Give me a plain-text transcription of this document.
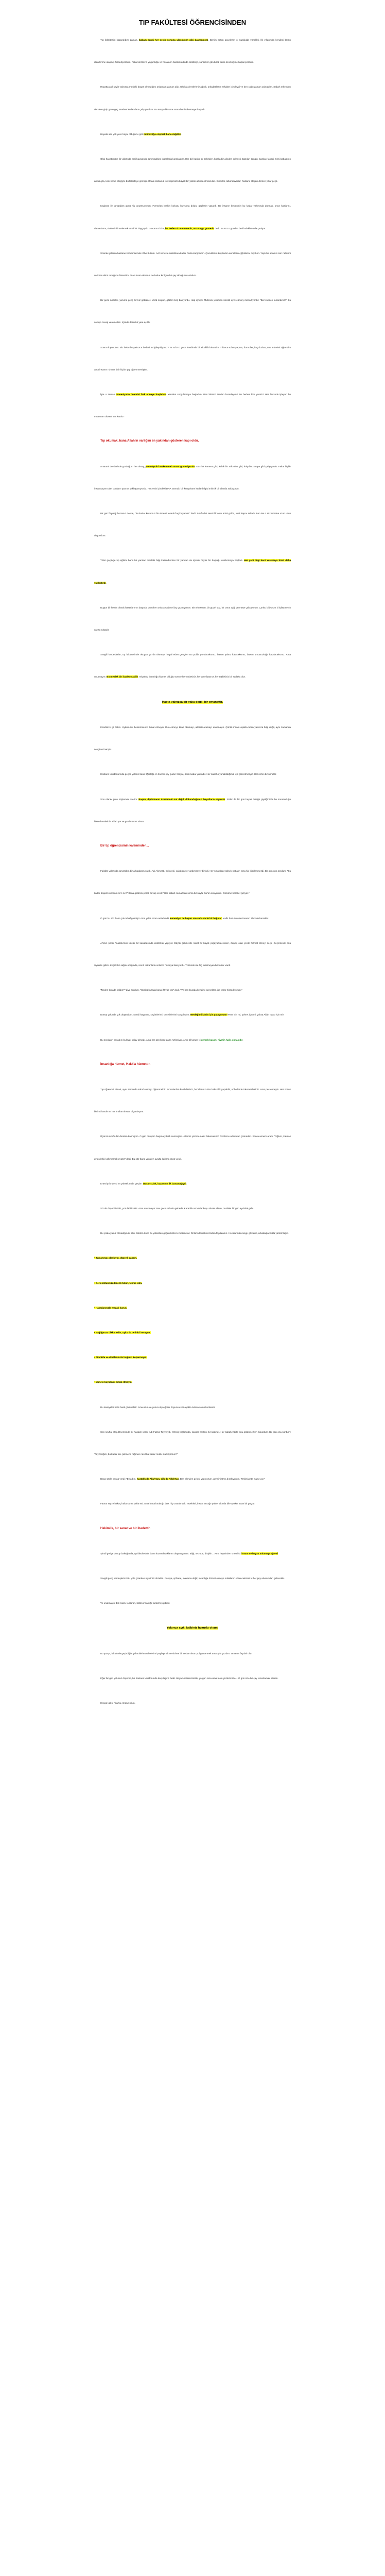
TIP FAKÜLTESİ ÖĞRENCİSİNDEN

Tıp fakültesini kazandığım zaman, babam sanki her şeyin sonuna ulaşmışım gibi davranmıştı. Benim bütün gayelerim o mutluluğa yönelikti. İlk yıllarımda kendimi bütün ideallerime ulaşmış hissediyordum. Fakat derslerin yoğunluğu ve hocaların baskısı altında ezildikçe, sanki her gün biraz daha kendi içime kapanıyordum.

Hayatta asıl şeyin yalnızca mesleki başarı olmadığını anlamam zaman aldı. Okulda derslerimiz ağırdı, arkadaşlarım rekabet içindeydi ve ben çoğu zaman yalnızdım. Sabah erkenden derslere girip gece geç saatlere kadar ders çalışıyordum. Bu tempo bir süre sonra beni tüketmeye başladı.

Hayata asıl yok yere hayal olduğunu göz ümitsizliğe erişmek bana değildir.

Okul hayatımızın ilk yıllarında anfi havasında tanımadığım insanlarla karşılaştım. Her biri başka bir şehirden, başka bir aileden gelmişti. Bazıları zengin, bazıları fakirdi. Kimi babasının arzusuyla, kimi kendi isteğiyle bu fakülteye girmişti. Ortak noktamız ise hepimizin büyük bir yükün altında olmamızdı. Sınavlar, laboratuvarlar, hastane stajları derken yıllar geçti.

Kadavra ile tanıştığım günü hiç unutmuyorum. Formolün keskin kokusu burnuma doldu, gözlerim yaşardı. Bir insanın bedeninin bu kadar yakınında durmak, onun kaslarını, damarlarını, sinirlerini incelemek tuhaf bir duyguydu. Hocamız bize, bu beden size emanettir, ona saygı gösterin dedi. Bu söz o günden beri kulaklarımda çınlıyor.

Sonraki yıllarda hastane koridorlarında nöbet tuttum. Acil serviste sabahlara kadar hasta karşıladım. Çocuklarını kaybeden annelerin çığlıklarını duydum. Yaşlı bir adamın son nefesini verirken elimi tuttuğunu hissettim. O an insan olmanın ne kadar kırılgan bir şey olduğunu anladım.

Bir gece nöbette, yanıma genç bir kız getirdiler. Yüzü solgun, gözleri boş bakıyordu. Hap içmişti. Midesini yıkarken sürekli aynı cümleyi tekrarlıyordu: "Beni neden kurtardınız?" Bu soruya cevap veremedim. İçimde derin bir yara açıldı.

Sonra düşündüm: Biz hekimler yalnızca bedeni mi iyileştiriyoruz? Ya ruh? O gece kendimde bir eksiklik hissettim. Yıllarca ezber yaptım, formüller, ilaç dozları, tanı kriterleri öğrendim ama insanın ruhuna dair hiçbir şey öğrenmemiştim.

İşte o zaman maneviyatın önemini fark etmeye başladım. Yeniden sorgulamaya başladım: Ben kimim? Neden buradayım? Bu bedeni kim yarattı? Her hücrede işleyen bu muazzam düzeni kim kurdu?

Tıp okumak, bana Allah'ın varlığını en yakından gösteren kapı oldu.

Anatomi derslerinde gördüğüm her detay, yaratılıştaki mükemmel sanatı gösteriyordu. Göz bir kamera gibi, kulak bir mikrofon gibi, kalp bir pompa gibi çalışıyordu. Fakat hiçbir insan yapımı alet bunların yanına yaklaşamıyordu. Hücrenin içindeki DNA sarmalı, bir kütüphane kadar bilgiyi minicik bir alanda saklıyordu.

Bir gün fizyoloji hocamız derste, "Bu kadar kusursuz bir sistemi tesadüf açıklayamaz" dedi. Sınıfta bir sessizlik oldu. Kimi güldü, kimi başını salladı. Ben ise o söz üzerine uzun uzun düşündüm.

Yıllar geçtikçe tıp eğitimi bana bir yandan mesleki bilgi kazandırırken bir yandan da içimde büyük bir boşluğu doldurmaya başladı. Her yeni bilgi beni Yaratıcıya biraz daha yaklaştırdı.

Bugün bir hekim olarak hastalarımın başında dururken onlara sadece ilaç yazmıyorum. Bir tebessüm, bir güzel söz, bir umut ışığı vermeye çalışıyorum. Çünkü biliyorum ki iyileşmenin yarısı ruhtadır.

Sevgili kardeşlerim, tıp fakültesinde okuyan ya da okumayı hayal eden gençler! Bu yolda yorulacaksınız, bazen yalnız kalacaksınız, bazen umutsuzluğa kapılacaksınız. Ama unutmayın: Bu meslek bir ibadet olabilir. Niyetiniz insanlığa hizmet olduğu sürece her nöbetiniz, her ameliyatınız, her teşhisiniz bir sadaka olur.

Hasta yalnızca bir vaka değil, bir emanettir.

Kendinize iyi bakın. Uykunuzu, beslenmenizi ihmal etmeyin. Dua etmeyi, kitap okumayı, ailenizi aramayı unutmayın. Çünkü insanı ayakta tutan yalnızca bilgi değil, aynı zamanda sevgi ve inançtır.

Hastane koridorlarında geçen yılların bana öğrettiği en önemli şey şudur: Hayat, ölüm kadar yakındır. Her sabah uyanabildiğimiz için şükretmeliyiz. Her nefes bir nimettir.

Son olarak şunu söylemek isterim: Başarı, diplomanın üzerindeki not değil, dokunduğunuz hayatların sayısıdır. Sizler de bir gün beyaz önlüğü giydiğinizde bu sorumluluğu hissedeceksiniz. Allah yar ve yardımcınız olsun.

Bir tıp öğrencisinin kaleminden...

Fakülte yıllarında tanıştığım bir arkadaşım vardı. Adı Ahmet'ti. Çok zeki, çalışkan ve yardımsever biriydi. Her sınavdan yüksek not alır, ama hiç kibirlenmezdi. Bir gün ona sordum: "Bu kadar başarılı olmanın sırrı ne?" Bana gülümseyerek cevap verdi: "Her sabah namazdan sonra bir sayfa Kur'an okuyorum. Günüme bereket geliyor."

O gün bu söz bana çok tuhaf gelmişti. Ama yıllar sonra anladım ki maneviyat ile başarı arasında derin bir bağ var. Kalbi huzurlu olan insanın zihni de berraktır.

Ahmet şimdi Anadolu'nun küçük bir kasabasında doktorluk yapıyor. Büyük şehirlerde rahat bir hayat yaşayabilecekken, ihtiyaç olan yerde hizmet etmeyi seçti. Geçenlerde onu ziyarete gittim. Küçük bir sağlık ocağında, sınırlı imkanlarla onlarca hastaya bakıyordu. Yüzünde ise hiç eksilmeyen bir huzur vardı.

"Neden burada kaldın?" diye sordum. "Çünkü burada bana ihtiyaç var" dedi. "Ve ben burada kendimi gerçekten işe yarar hissediyorum."

Dönüş yolunda çok düşündüm. Kendi hayatımı, seçimlerimi, önceliklerimi sorguladım. Mesleğimi kimin için yapıyorum? Para için mi, şöhret için mi, yoksa Allah rızası için mi?

Bu soruların cevabını bulmak kolay olmadı. Ama her gün biraz daha netleşiyor. Artık biliyorum ki gerçek başarı, niyetin halis olmasıdır.

İnsanlığa hizmet, Hakk'a hizmettir.

Tıp öğrencisi olmak, aynı zamanda sabırlı olmayı öğrenmektir. Sınavlardan kalabilirsiniz, hocalarınız size haksızlık yapabilir, nöbetlerde tükenebilirsiniz. Ama pes etmeyin. Her zorluk bir imtihandır ve her imtihan insanı olgunlaştırır.

Üçüncü sınıfta bir dersten kalmıştım. O gün dünyam başıma yıkıldı sanmıştım. Ailemin yüzüne nasıl bakacaktım? Günlerce odamdan çıkmadım. Sonra annem aradı: "Oğlum, kalmak ayıp değil, kalkmamak ayıptır" dedi. Bu söz bana yeniden ayağa kalkma gücü verdi.

Ertesi yıl o dersi en yüksek notla geçtim. Başarısızlık, başarının ilk basamağıydı.

Siz de düşebilirsiniz, yorulabilirsiniz. Ama unutmayın: Her gece sabaha gebedir. Karanlık ne kadar koyu olursa olsun, mutlaka bir gün aydınlık gelir.

Bu yolda yalnız olmadığınızı bilin. Sizden önce bu yollardan geçen binlerce hekim var. Onların tecrübelerinden faydalanın. Hocalarınıza saygı gösterin, arkadaşlarınızla yardımlaşın.

• Zamanınızı planlayın, düzenli çalışın.

• Ders notlarınızı düzenli tutun, tekrar edin.

• Hastalarınızla empati kurun.

• Sağlığınıza dikkat edin, uyku düzeninizi koruyun.

• Ailenizle ve dostlarınızla bağınızı koparmayın.

• Manevi hayatınızı ihmal etmeyin.

Bu tavsiyeler belki basit görünebilir. Ama uzun ve yorucu tıp eğitimi boyunca sizi ayakta tutacak olan bunlardır.

Son sınıfta, staj dönemimde bir hastam vardı. Adı Fatma Teyze'ydi. Yetmiş yaşlarında, kanser hastası bir kadındı. Her sabah vizitte onu gülümserken bulurdum. Bir gün ona sordum: "Teyzeciğim, bu kadar acı çekmene rağmen nasıl bu kadar mutlu olabiliyorsun?"

Bana şöyle cevap verdi: "Evladım, hastalık da Allah'tan, şifa da Allah'tan. Ben elimden geleni yapıyorum, gerisini O'na bırakıyorum. Teslimiyette huzur var."

Fatma Teyze birkaç hafta sonra vefat etti. Ama bana bıraktığı ders hiç unutulmadı. Tevekkül, insanı en ağır yükler altında bile ayakta tutan bir güçtür.

Hekimlik, bir sanat ve bir ibadettir.

Şimdi geriye dönüp baktığımda, tıp fakültesinin bana kazandırdıklarını düşünüyorum. Bilgi, tecrübe, disiplin... Ama hepsinden önemlisi: insanı ve hayatı anlamayı öğretti.

Sevgili genç kardeşlerim! Bu yola çıkarken niyetinizi düzeltin. Paraya, şöhrete, makama değil; insanlığa hizmet etmeye odaklanın. Göreceksiniz ki her şey arkasından gelecektir.

Ve unutmayın: Bir insanı kurtaran, bütün insanlığı kurtarmış gibidir.

Yolunuz açık, kalbiniz huzurlu olsun.

Bu yazıyı, fakültede geçirdiğim yıllardaki tecrübelerimi paylaşmak ve sizlere bir nebze olsun yol göstermek amacıyla yazdım. Umarım faydalı olur.

Eğer bir gün yolunuz düşerse, bir hastane koridorunda karşılaşırız belki. Beyaz önlüklerimizle, yorgun ama umut dolu yüzlerimizle... O gün size bir çay ısmarlamak isterim.

Hoşça kalın, Allah'a emanet olun.
